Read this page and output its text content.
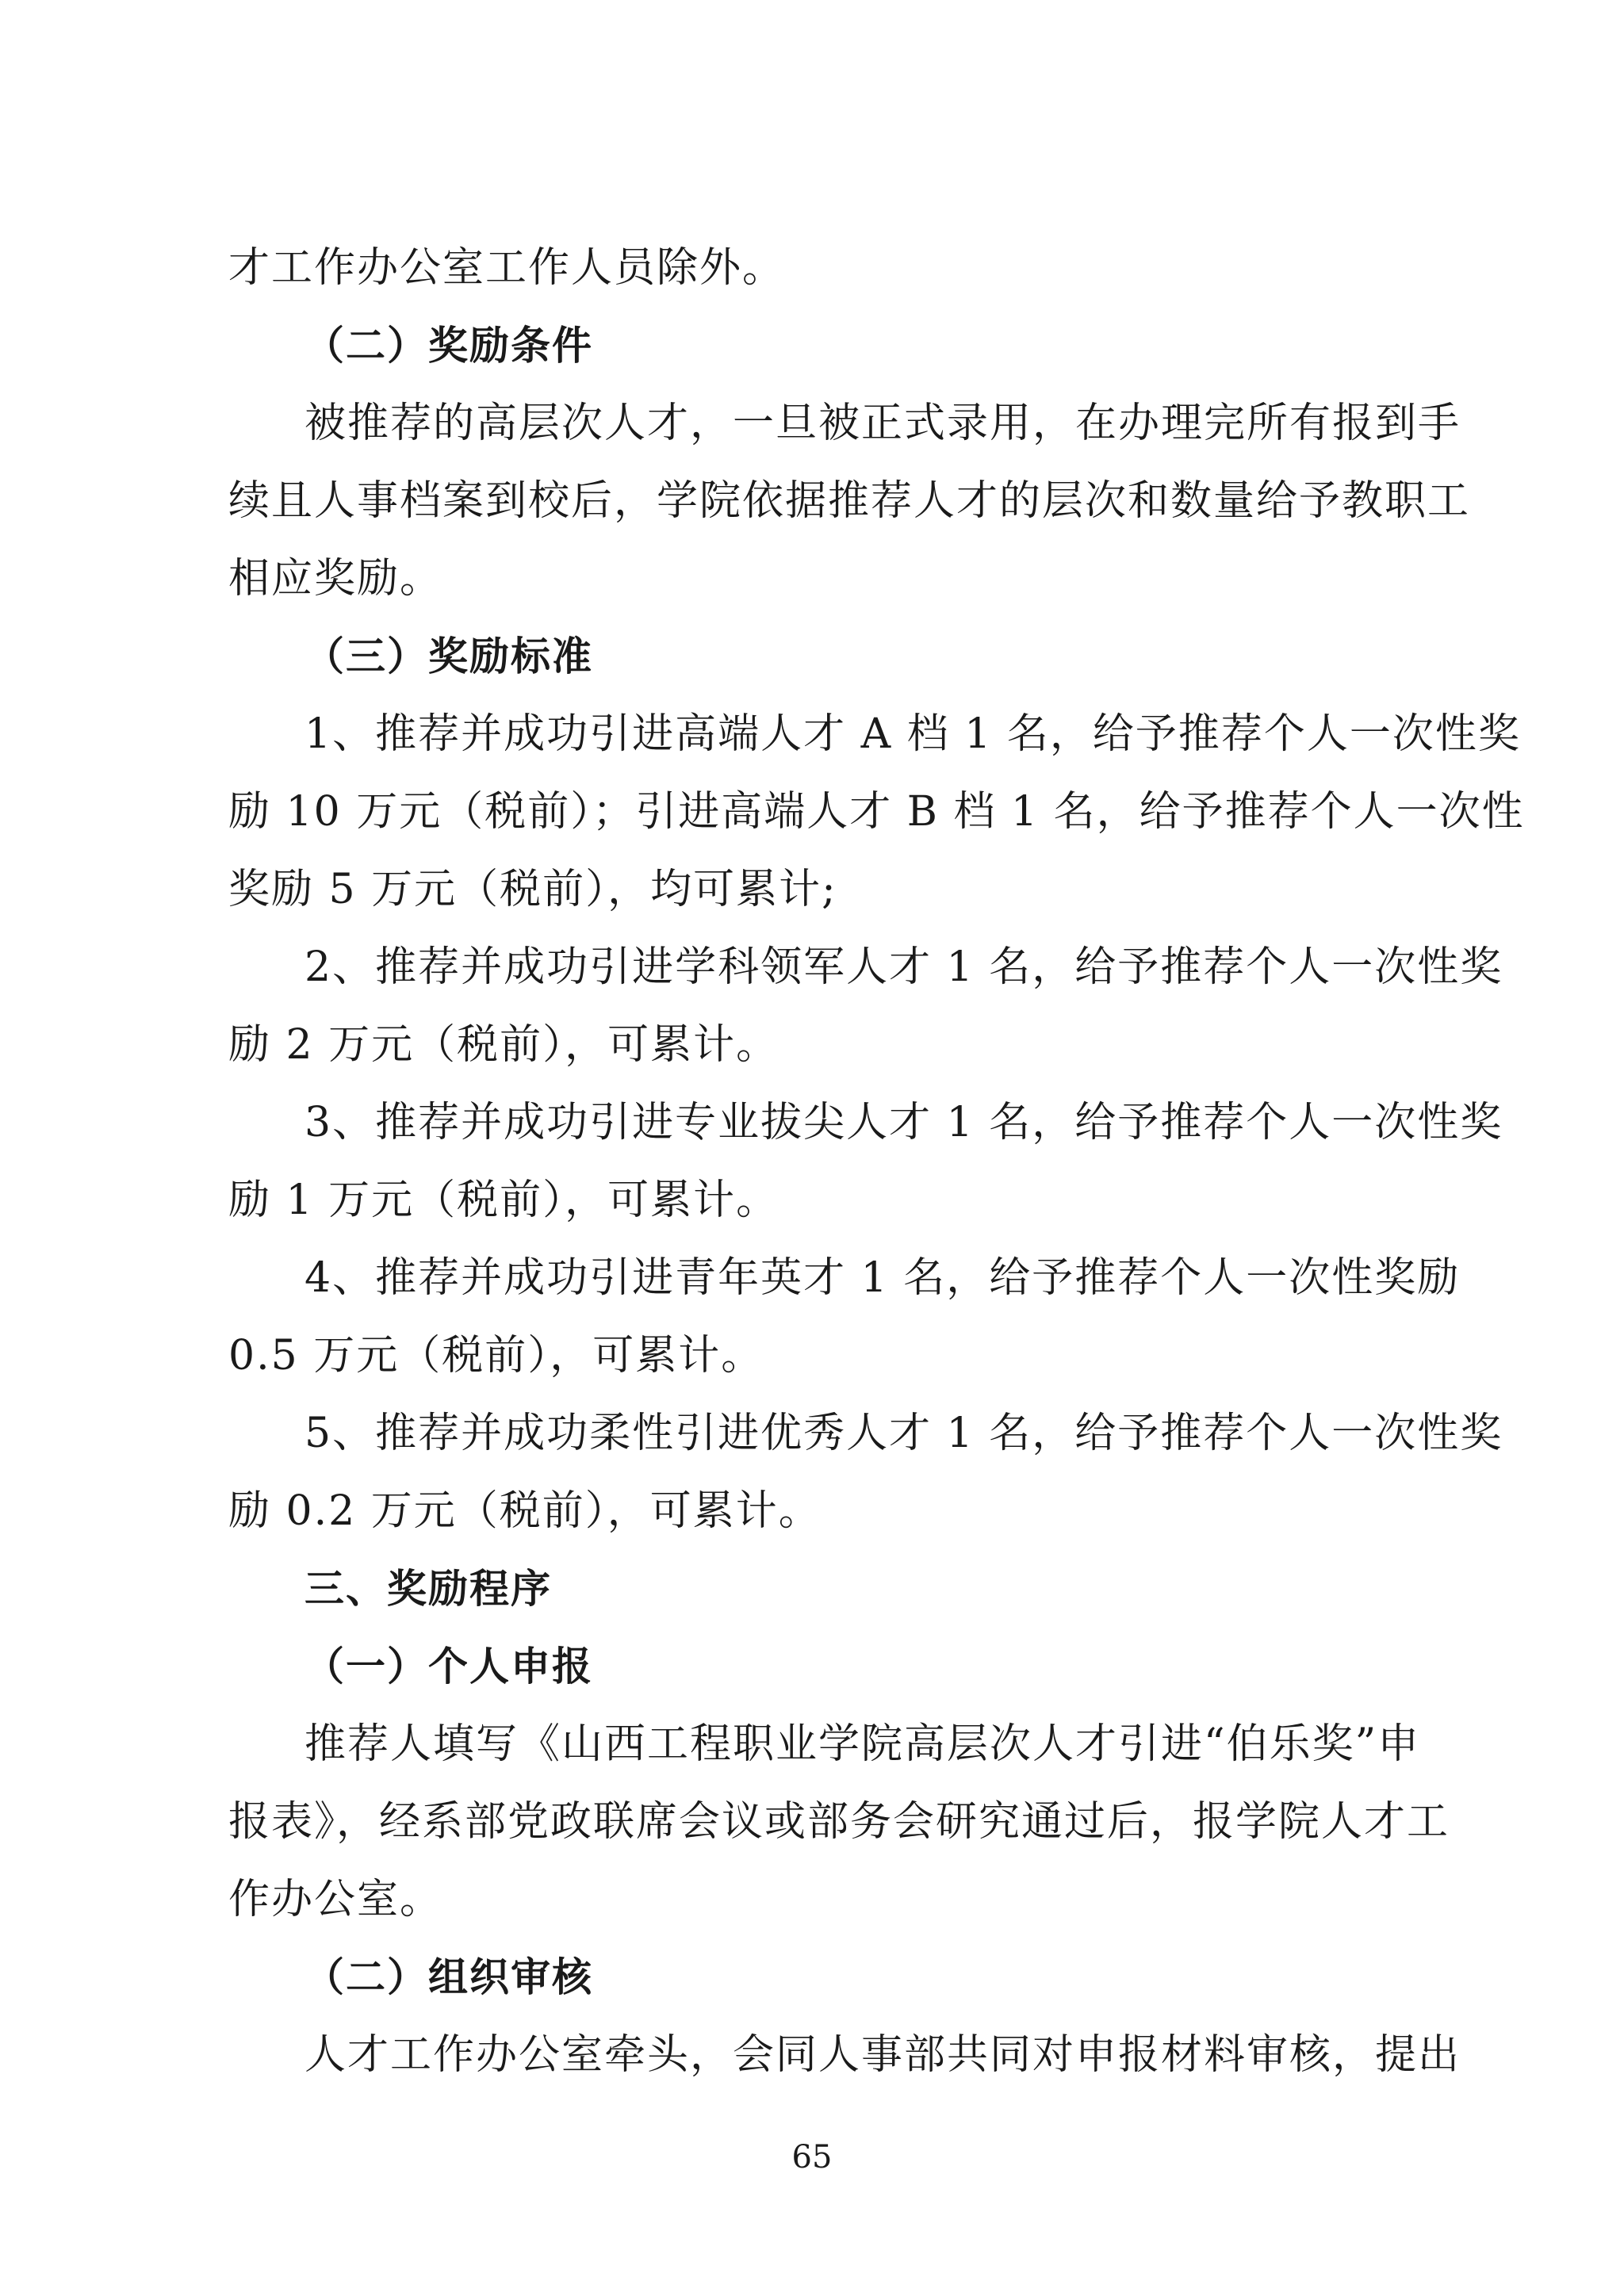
才工作办公室工作人员除外。
（二）奖励条件
被推荐的高层次人才，一旦被正式录用，在办理完所有报到手
续且人事档案到校后，学院依据推荐人才的层次和数量给予教职工
相应奖励。
（三）奖励标准
1、推荐并成功引进高端人才 A 档 1 名，给予推荐个人一次性奖
励 10 万元（税前）；引进高端人才 B 档 1 名，给予推荐个人一次性
奖励 5 万元（税前），均可累计;
2、推荐并成功引进学科领军人才 1 名，给予推荐个人一次性奖
励 2 万元（税前），可累计。
3、推荐并成功引进专业拔尖人才 1 名，给予推荐个人一次性奖
励 1 万元（税前），可累计。
4、推荐并成功引进青年英才 1 名，给予推荐个人一次性奖励
0.5 万元（税前），可累计。
5、推荐并成功柔性引进优秀人才 1 名，给予推荐个人一次性奖
励 0.2 万元（税前），可累计。
三、奖励程序
（一）个人申报
推荐人填写《山西工程职业学院高层次人才引进“伯乐奖”申
报表》，经系部党政联席会议或部务会研究通过后，报学院人才工
作办公室。
（二）组织审核
人才工作办公室牵头，会同人事部共同对申报材料审核，提出
65
